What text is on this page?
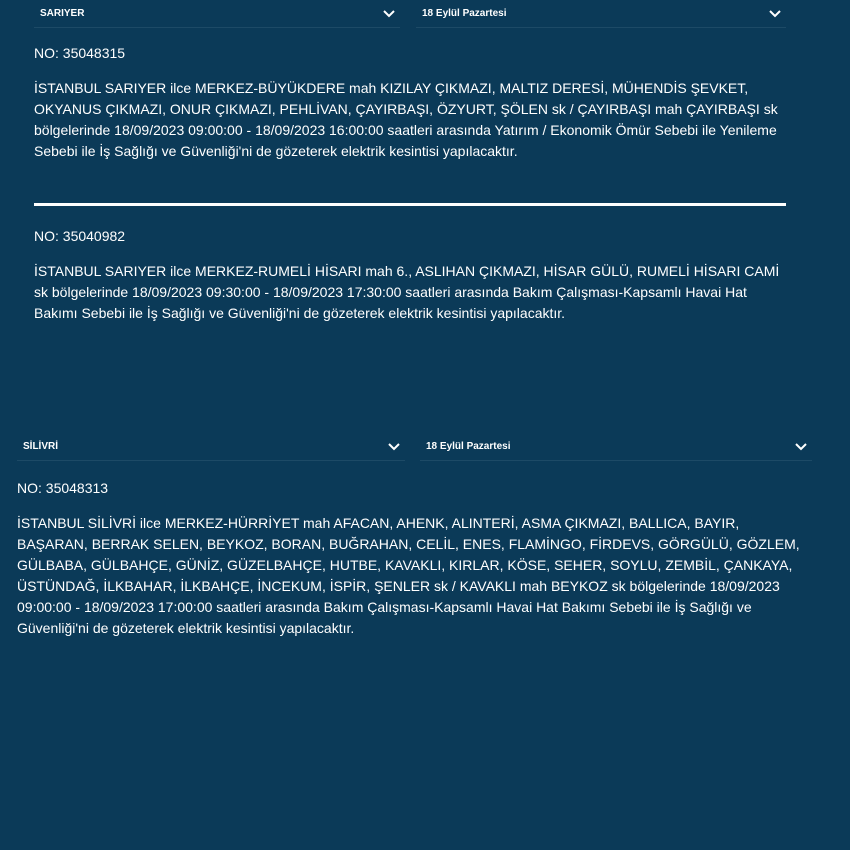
SARIYER	18 Eylül Pazartesi

NO: 35048315

İSTANBUL SARIYER ilce MERKEZ-BÜYÜKDERE mah KIZILAY ÇIKMAZI, MALTIZ DERESİ, MÜHENDİS ŞEVKET, OKYANUS ÇIKMAZI, ONUR ÇIKMAZI, PEHLİVAN, ÇAYIRBAŞI, ÖZYURT, ŞÖLEN sk / ÇAYIRBAŞI mah ÇAYIRBAŞI sk bölgelerinde 18/09/2023 09:00:00 - 18/09/2023 16:00:00 saatleri arasında Yatırım / Ekonomik Ömür Sebebi ile Yenileme Sebebi ile İş Sağlığı ve Güvenliği'ni de gözeterek elektrik kesintisi yapılacaktır.

NO: 35040982

İSTANBUL SARIYER ilce MERKEZ-RUMELİ HİSARI mah 6., ASLIHAN ÇIKMAZI, HİSAR GÜLÜ, RUMELİ HİSARI CAMİ sk bölgelerinde 18/09/2023 09:30:00 - 18/09/2023 17:30:00 saatleri arasında Bakım Çalışması-Kapsamlı Havai Hat Bakımı Sebebi ile İş Sağlığı ve Güvenliği'ni de gözeterek elektrik kesintisi yapılacaktır.

SİLİVRİ	18 Eylül Pazartesi

NO: 35048313

İSTANBUL SİLİVRİ ilce MERKEZ-HÜRRİYET mah AFACAN, AHENK, ALINTERİ, ASMA ÇIKMAZI, BALLICA, BAYIR, BAŞARAN, BERRAK SELEN, BEYKOZ, BORAN, BUĞRAHAN, CELİL, ENES, FLAMİNGO, FİRDEVS, GÖRGÜLÜ, GÖZLEM, GÜLBABA, GÜLBAHÇE, GÜNİZ, GÜZELBAHÇE, HUTBE, KAVAKLI, KIRLAR, KÖSE, SEHER, SOYLU, ZEMBİL, ÇANKAYA, ÜSTÜNDAĞ, İLKBAHAR, İLKBAHÇE, İNCEKUM, İSPİR, ŞENLER sk / KAVAKLI mah BEYKOZ sk bölgelerinde 18/09/2023 09:00:00 - 18/09/2023 17:00:00 saatleri arasında Bakım Çalışması-Kapsamlı Havai Hat Bakımı Sebebi ile İş Sağlığı ve Güvenliği'ni de gözeterek elektrik kesintisi yapılacaktır.
